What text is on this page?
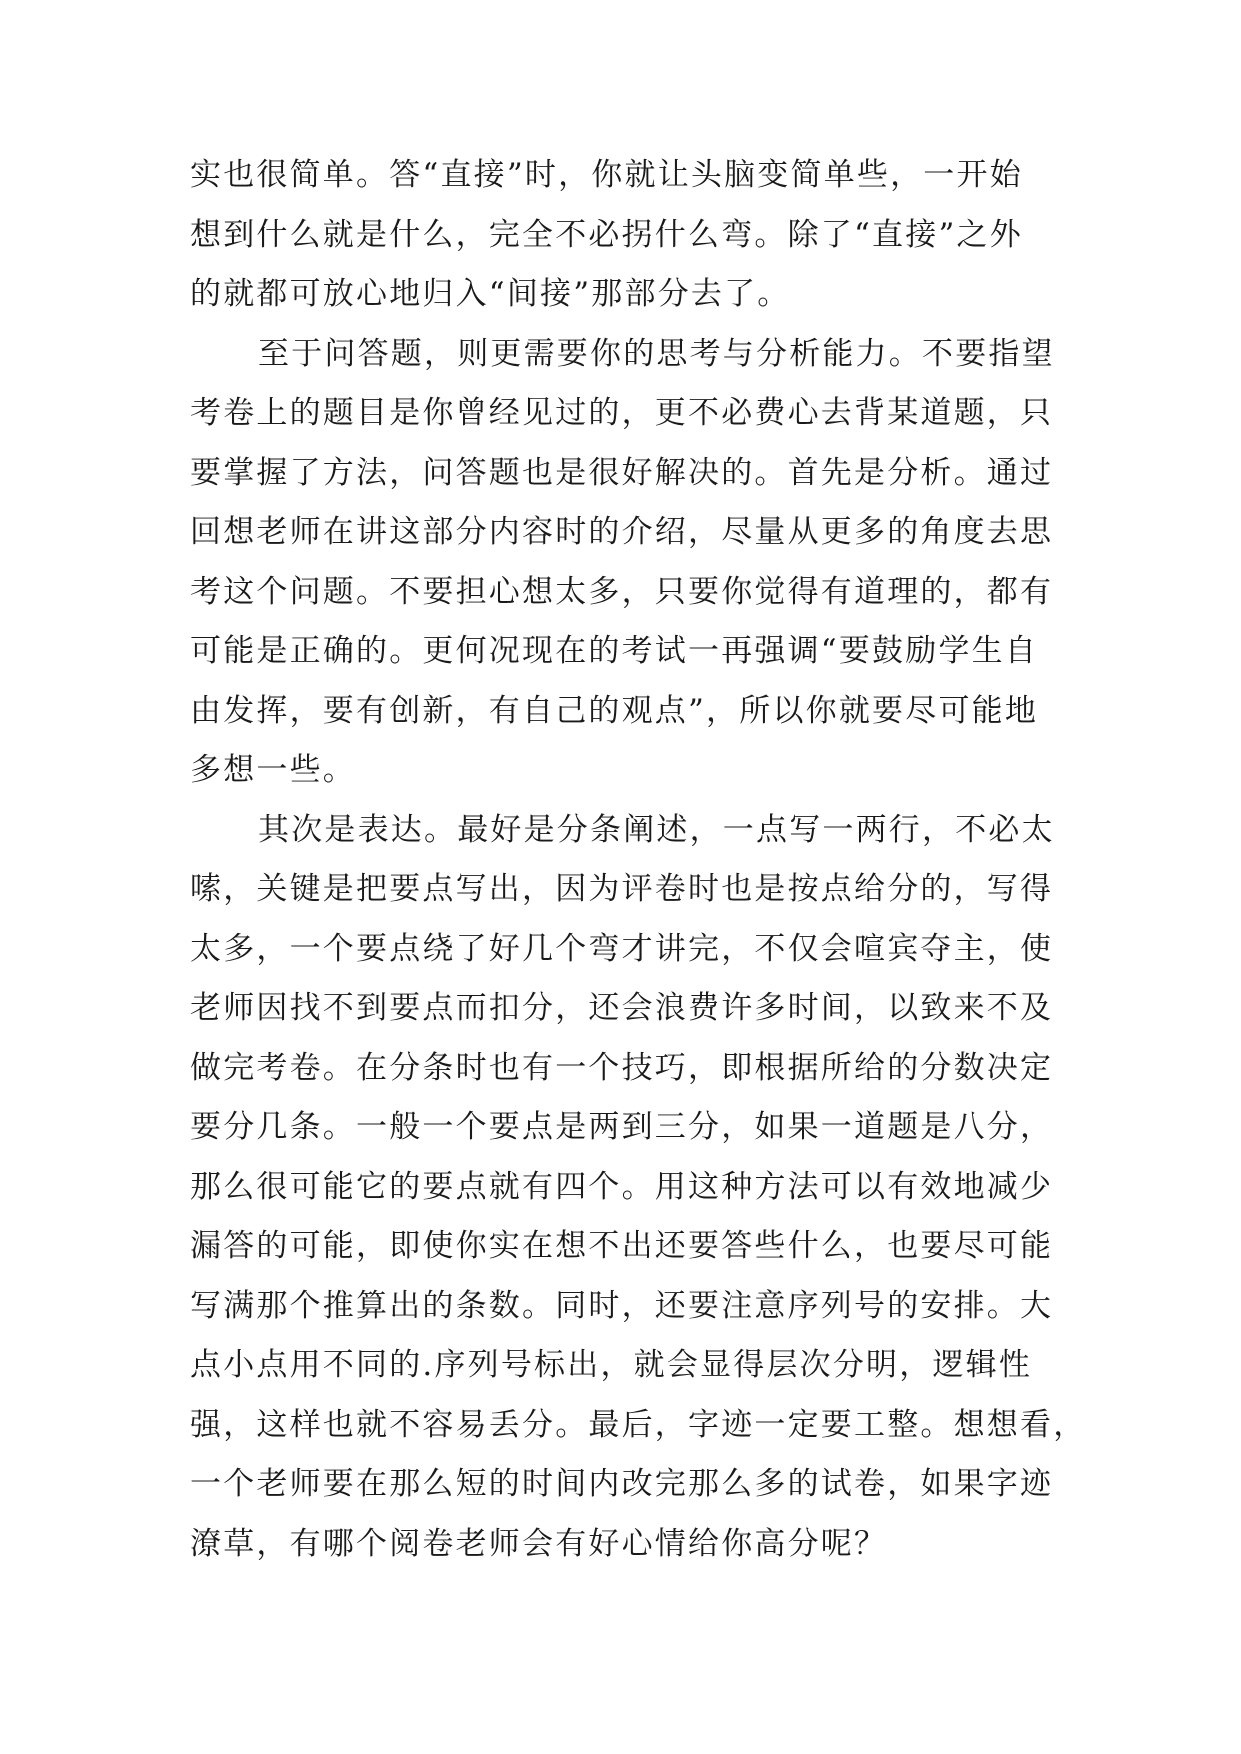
实也很简单。答“直接”时，你就让头脑变简单些，一开始
想到什么就是什么，完全不必拐什么弯。除了“直接”之外
的就都可放心地归入“间接”那部分去了。
至于问答题，则更需要你的思考与分析能力。不要指望
考卷上的题目是你曾经见过的，更不必费心去背某道题，只
要掌握了方法，问答题也是很好解决的。首先是分析。通过
回想老师在讲这部分内容时的介绍，尽量从更多的角度去思
考这个问题。不要担心想太多，只要你觉得有道理的，都有
可能是正确的。更何况现在的考试一再强调“要鼓励学生自
由发挥，要有创新，有自己的观点”，所以你就要尽可能地
多想一些。
其次是表达。最好是分条阐述，一点写一两行，不必太
嗦，关键是把要点写出，因为评卷时也是按点给分的，写得
太多，一个要点绕了好几个弯才讲完，不仅会喧宾夺主，使
老师因找不到要点而扣分，还会浪费许多时间，以致来不及
做完考卷。在分条时也有一个技巧，即根据所给的分数决定
要分几条。一般一个要点是两到三分，如果一道题是八分，
那么很可能它的要点就有四个。用这种方法可以有效地减少
漏答的可能，即使你实在想不出还要答些什么，也要尽可能
写满那个推算出的条数。同时，还要注意序列号的安排。大
点小点用不同的.序列号标出，就会显得层次分明，逻辑性
强，这样也就不容易丢分。最后，字迹一定要工整。想想看，
一个老师要在那么短的时间内改完那么多的试卷，如果字迹
潦草，有哪个阅卷老师会有好心情给你高分呢？
